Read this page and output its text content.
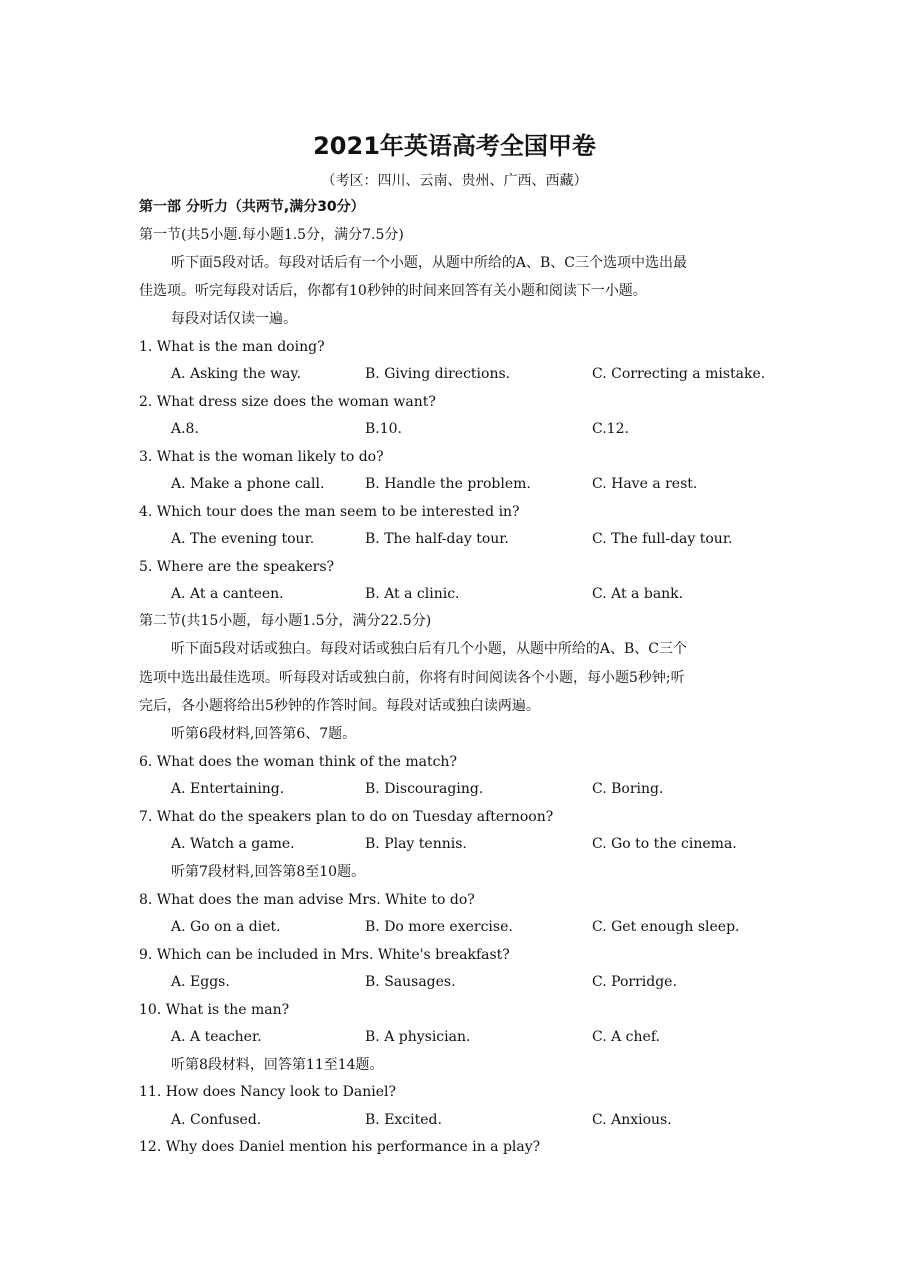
2021年英语高考全国甲卷
（考区：四川、云南、贵州、广西、西藏）
第一部 分听力（共两节,满分30分）
第一节(共5小题.每小题1.5分，满分7.5分)
听下面5段对话。每段对话后有一个小题，从题中所给的A、B、C三个选项中选出最
佳选项。听完每段对话后，你都有10秒钟的时间来回答有关小题和阅读下一小题。
每段对话仅读一遍。
1. What is the man doing?
A. Asking the way.	B. Giving directions.	C. Correcting a mistake.
2. What dress size does the woman want?
A.8.	B.10.	C.12.
3. What is the woman likely to do?
A. Make a phone call.	B. Handle the problem.	C. Have a rest.
4. Which tour does the man seem to be interested in?
A. The evening tour.	B. The half-day tour.	C. The full-day tour.
5. Where are the speakers?
A. At a canteen.	B. At a clinic.	C. At a bank.
第二节(共15小题，每小题1.5分，满分22.5分)
听下面5段对话或独白。每段对话或独白后有几个小题，从题中所给的A、B、C三个
选项中选出最佳选项。听每段对话或独白前，你将有时间阅读各个小题，每小题5秒钟;听
完后，各小题将给出5秒钟的作答时间。每段对话或独白读两遍。
听第6段材料,回答第6、7题。
6. What does the woman think of the match?
A. Entertaining.	B. Discouraging.	C. Boring.
7. What do the speakers plan to do on Tuesday afternoon?
A. Watch a game.	B. Play tennis.	C. Go to the cinema.
听第7段材料,回答第8至10题。
8. What does the man advise Mrs. White to do?
A. Go on a diet.	B. Do more exercise.	C. Get enough sleep.
9. Which can be included in Mrs. White's breakfast?
A. Eggs.	B. Sausages.	C. Porridge.
10. What is the man?
A. A teacher.	B. A physician.	C. A chef.
听第8段材料，回答第11至14题。
11. How does Nancy look to Daniel?
A. Confused.	B. Excited.	C. Anxious.
12. Why does Daniel mention his performance in a play?
